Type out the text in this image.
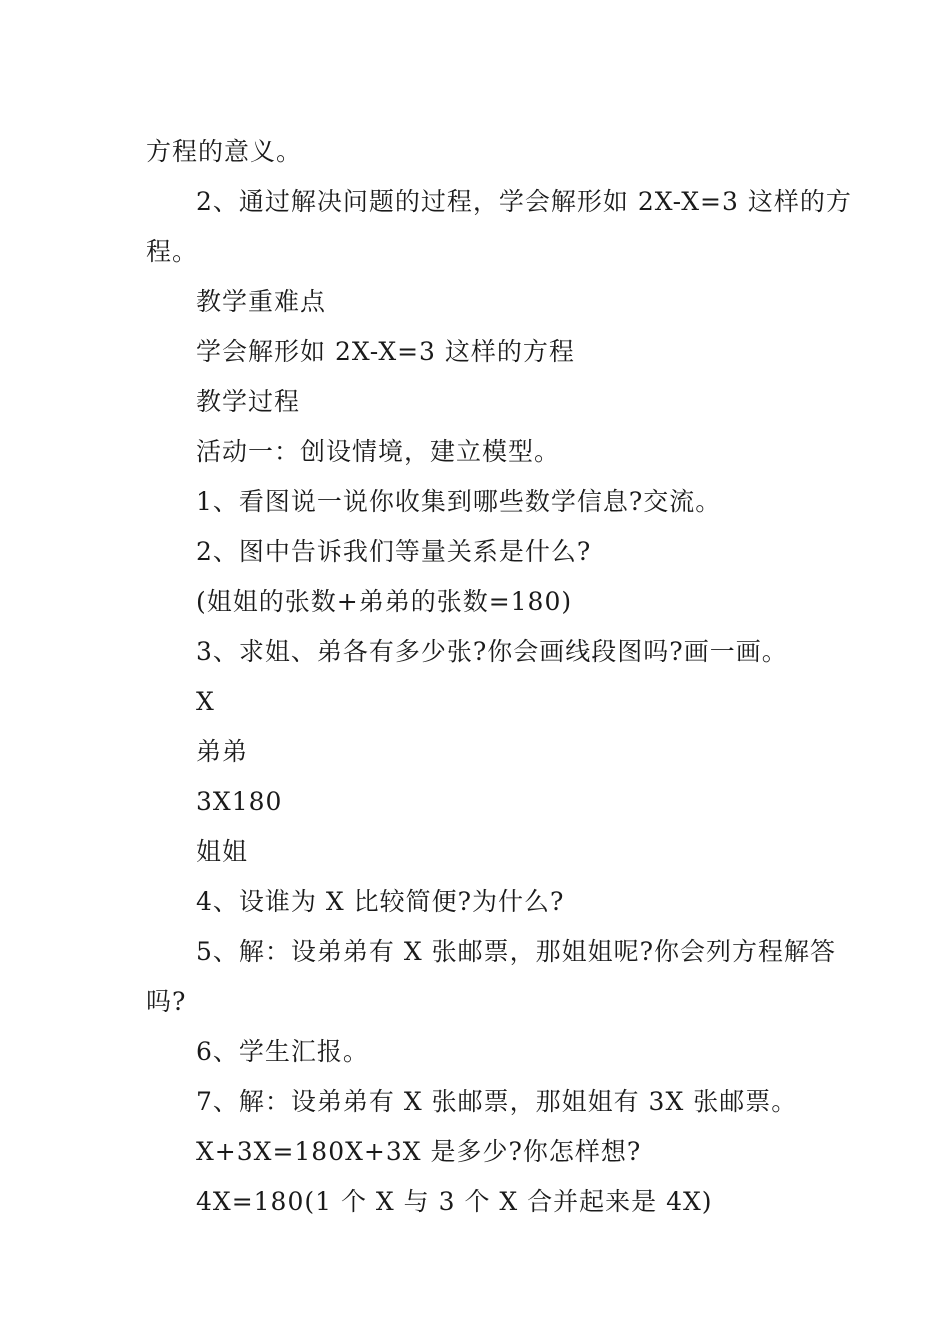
方程的意义。
2、通过解决问题的过程，学会解形如 2X-X=3 这样的方
程。
教学重难点
学会解形如 2X-X=3 这样的方程
教学过程
活动一：创设情境，建立模型。
1、看图说一说你收集到哪些数学信息?交流。
2、图中告诉我们等量关系是什么?
(姐姐的张数+弟弟的张数=180)
3、求姐、弟各有多少张?你会画线段图吗?画一画。
X
弟弟
3X180
姐姐
4、设谁为 X 比较简便?为什么?
5、解：设弟弟有 X 张邮票，那姐姐呢?你会列方程解答
吗?
6、学生汇报。
7、解：设弟弟有 X 张邮票，那姐姐有 3X 张邮票。
X+3X=180X+3X 是多少?你怎样想?
4X=180(1 个 X 与 3 个 X 合并起来是 4X)
